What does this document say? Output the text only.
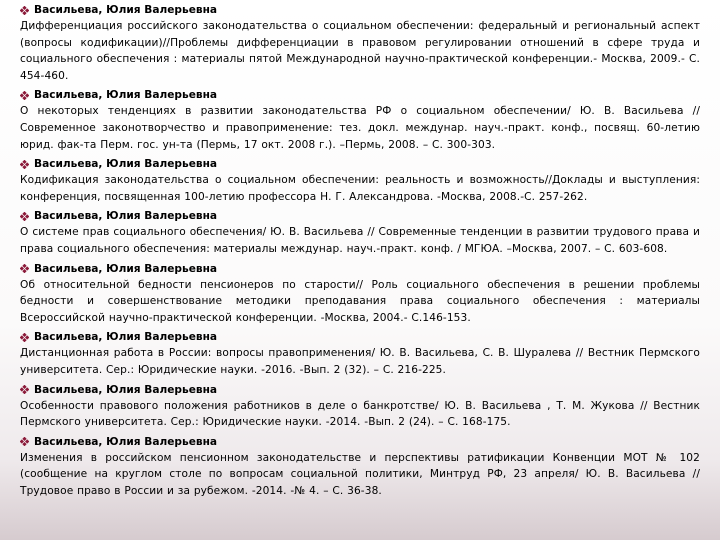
Васильева, Юлия Валерьевна
Дифференциация российского законодательства о социальном обеспечении: федеральный и региональный аспект (вопросы кодификации)//Проблемы дифференциации в правовом регулировании отношений в сфере труда и социального обеспечения : материалы пятой Международной научно-практической конференции.- Москва, 2009.- С. 454-460.
Васильева, Юлия Валерьевна
О некоторых тенденциях в развитии законодательства РФ о социальном обеспечении/ Ю. В. Васильева // Современное законотворчество и правоприменение: тез. докл. междунар. науч.-практ. конф., посвящ. 60-летию юрид. фак-та Перм. гос. ун-та (Пермь, 17 окт. 2008 г.). –Пермь, 2008. – С. 300-303.
Васильева, Юлия Валерьевна
Кодификация законодательства о социальном обеспечении: реальность и возможность//Доклады и выступления: конференция, посвященная 100-летию профессора Н. Г. Александрова. -Москва, 2008.-С. 257-262.
Васильева, Юлия Валерьевна
О системе прав социального обеспечения/ Ю. В. Васильева // Современные тенденции в развитии трудового права и права социального обеспечения: материалы междунар. науч.-практ. конф. / МГЮА. –Москва, 2007. – С. 603-608.
Васильева, Юлия Валерьевна
Об относительной бедности пенсионеров по старости// Роль социального обеспечения в решении проблемы бедности и совершенствование методики преподавания права социального обеспечения : материалы Всероссийской научно-практической конференции. -Москва, 2004.- С.146-153.
Васильева, Юлия Валерьевна
Дистанционная работа в России: вопросы правоприменения/ Ю. В. Васильева, С. В. Шуралева // Вестник Пермского университета. Сер.: Юридические науки. -2016. -Вып. 2 (32). – С. 216-225.
Васильева, Юлия Валерьевна
Особенности правового положения работников в деле о банкротстве/ Ю. В. Васильева , Т. М. Жукова // Вестник Пермского университета. Сер.: Юридические науки. -2014. -Вып. 2 (24). – С. 168-175.
Васильева, Юлия Валерьевна
Изменения в российском пенсионном законодательстве и перспективы ратификации Конвенции МОТ № 102 (сообщение на круглом столе по вопросам социальной политики, Минтруд РФ, 23 апреля/ Ю. В. Васильева // Трудовое право в России и за рубежом. -2014. -№ 4. – С. 36-38.
